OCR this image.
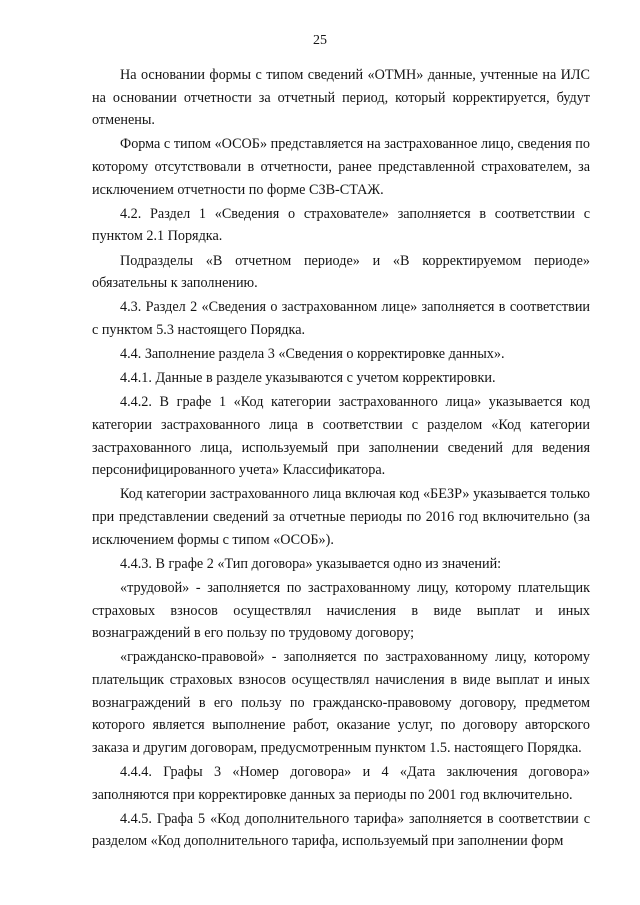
25

На основании формы с типом сведений «ОТМН» данные, учтенные на ИЛС на основании отчетности за отчетный период, который корректируется, будут отменены.

Форма с типом «ОСОБ» представляется на застрахованное лицо, сведения по которому отсутствовали в отчетности, ранее представленной страхователем, за исключением отчетности по форме СЗВ-СТАЖ.

4.2. Раздел 1 «Сведения о страхователе» заполняется в соответствии с пунктом 2.1 Порядка.

Подразделы «В отчетном периоде» и «В корректируемом периоде» обязательны к заполнению.

4.3. Раздел 2 «Сведения о застрахованном лице» заполняется в соответствии с пунктом 5.3 настоящего Порядка.

4.4. Заполнение раздела 3 «Сведения о корректировке данных».

4.4.1. Данные в разделе указываются с учетом корректировки.

4.4.2. В графе 1 «Код категории застрахованного лица» указывается код категории застрахованного лица в соответствии с разделом «Код категории застрахованного лица, используемый при заполнении сведений для ведения персонифицированного учета» Классификатора.

Код категории застрахованного лица включая код «БЕЗР» указывается только при представлении сведений за отчетные периоды по 2016 год включительно (за исключением формы с типом «ОСОБ»).

4.4.3. В графе 2 «Тип договора» указывается одно из значений:

«трудовой» - заполняется по застрахованному лицу, которому плательщик страховых взносов осуществлял начисления в виде выплат и иных вознаграждений в его пользу по трудовому договору;

«гражданско-правовой» - заполняется по застрахованному лицу, которому плательщик страховых взносов осуществлял начисления в виде выплат и иных вознаграждений в его пользу по гражданско-правовому договору, предметом которого является выполнение работ, оказание услуг, по договору авторского заказа и другим договорам, предусмотренным пунктом 1.5. настоящего Порядка.

4.4.4. Графы 3 «Номер договора» и 4 «Дата заключения договора» заполняются при корректировке данных за периоды по 2001 год включительно.

4.4.5. Графа 5 «Код дополнительного тарифа» заполняется в соответствии с разделом «Код дополнительного тарифа, используемый при заполнении форм
